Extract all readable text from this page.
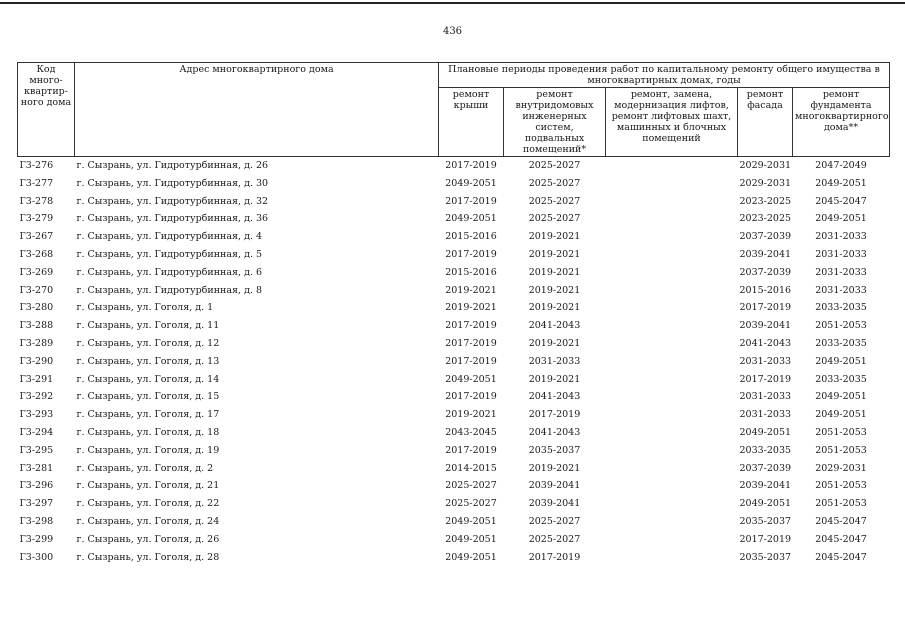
436
Код много-квартир-ного дома	Адрес многоквартирного дома	Плановые периоды проведения работ по капитальному ремонту общего имущества в многоквартирных домах, годы				
		ремонт крыши	ремонт внутридомовых инженерных систем, подвальных помещений*	ремонт, замена, модернизация лифтов, ремонт лифтовых шахт, машинных и блочных помещений	ремонт фасада	ремонт фундамента многоквартирного дома**
Г3-276	г. Сызрань, ул. Гидротурбинная, д. 26	2017-2019	2025-2027		2029-2031	2047-2049
Г3-277	г. Сызрань, ул. Гидротурбинная, д. 30	2049-2051	2025-2027		2029-2031	2049-2051
Г3-278	г. Сызрань, ул. Гидротурбинная, д. 32	2017-2019	2025-2027		2023-2025	2045-2047
Г3-279	г. Сызрань, ул. Гидротурбинная, д. 36	2049-2051	2025-2027		2023-2025	2049-2051
Г3-267	г. Сызрань, ул. Гидротурбинная, д. 4	2015-2016	2019-2021		2037-2039	2031-2033
Г3-268	г. Сызрань, ул. Гидротурбинная, д. 5	2017-2019	2019-2021		2039-2041	2031-2033
Г3-269	г. Сызрань, ул. Гидротурбинная, д. 6	2015-2016	2019-2021		2037-2039	2031-2033
Г3-270	г. Сызрань, ул. Гидротурбинная, д. 8	2019-2021	2019-2021		2015-2016	2031-2033
Г3-280	г. Сызрань, ул. Гоголя, д. 1	2019-2021	2019-2021		2017-2019	2033-2035
Г3-288	г. Сызрань, ул. Гоголя, д. 11	2017-2019	2041-2043		2039-2041	2051-2053
Г3-289	г. Сызрань, ул. Гоголя, д. 12	2017-2019	2019-2021		2041-2043	2033-2035
Г3-290	г. Сызрань, ул. Гоголя, д. 13	2017-2019	2031-2033		2031-2033	2049-2051
Г3-291	г. Сызрань, ул. Гоголя, д. 14	2049-2051	2019-2021		2017-2019	2033-2035
Г3-292	г. Сызрань, ул. Гоголя, д. 15	2017-2019	2041-2043		2031-2033	2049-2051
Г3-293	г. Сызрань, ул. Гоголя, д. 17	2019-2021	2017-2019		2031-2033	2049-2051
Г3-294	г. Сызрань, ул. Гоголя, д. 18	2043-2045	2041-2043		2049-2051	2051-2053
Г3-295	г. Сызрань, ул. Гоголя, д. 19	2017-2019	2035-2037		2033-2035	2051-2053
Г3-281	г. Сызрань, ул. Гоголя, д. 2	2014-2015	2019-2021		2037-2039	2029-2031
Г3-296	г. Сызрань, ул. Гоголя, д. 21	2025-2027	2039-2041		2039-2041	2051-2053
Г3-297	г. Сызрань, ул. Гоголя, д. 22	2025-2027	2039-2041		2049-2051	2051-2053
Г3-298	г. Сызрань, ул. Гоголя, д. 24	2049-2051	2025-2027		2035-2037	2045-2047
Г3-299	г. Сызрань, ул. Гоголя, д. 26	2049-2051	2025-2027		2017-2019	2045-2047
Г3-300	г. Сызрань, ул. Гоголя, д. 28	2049-2051	2017-2019		2035-2037	2045-2047
